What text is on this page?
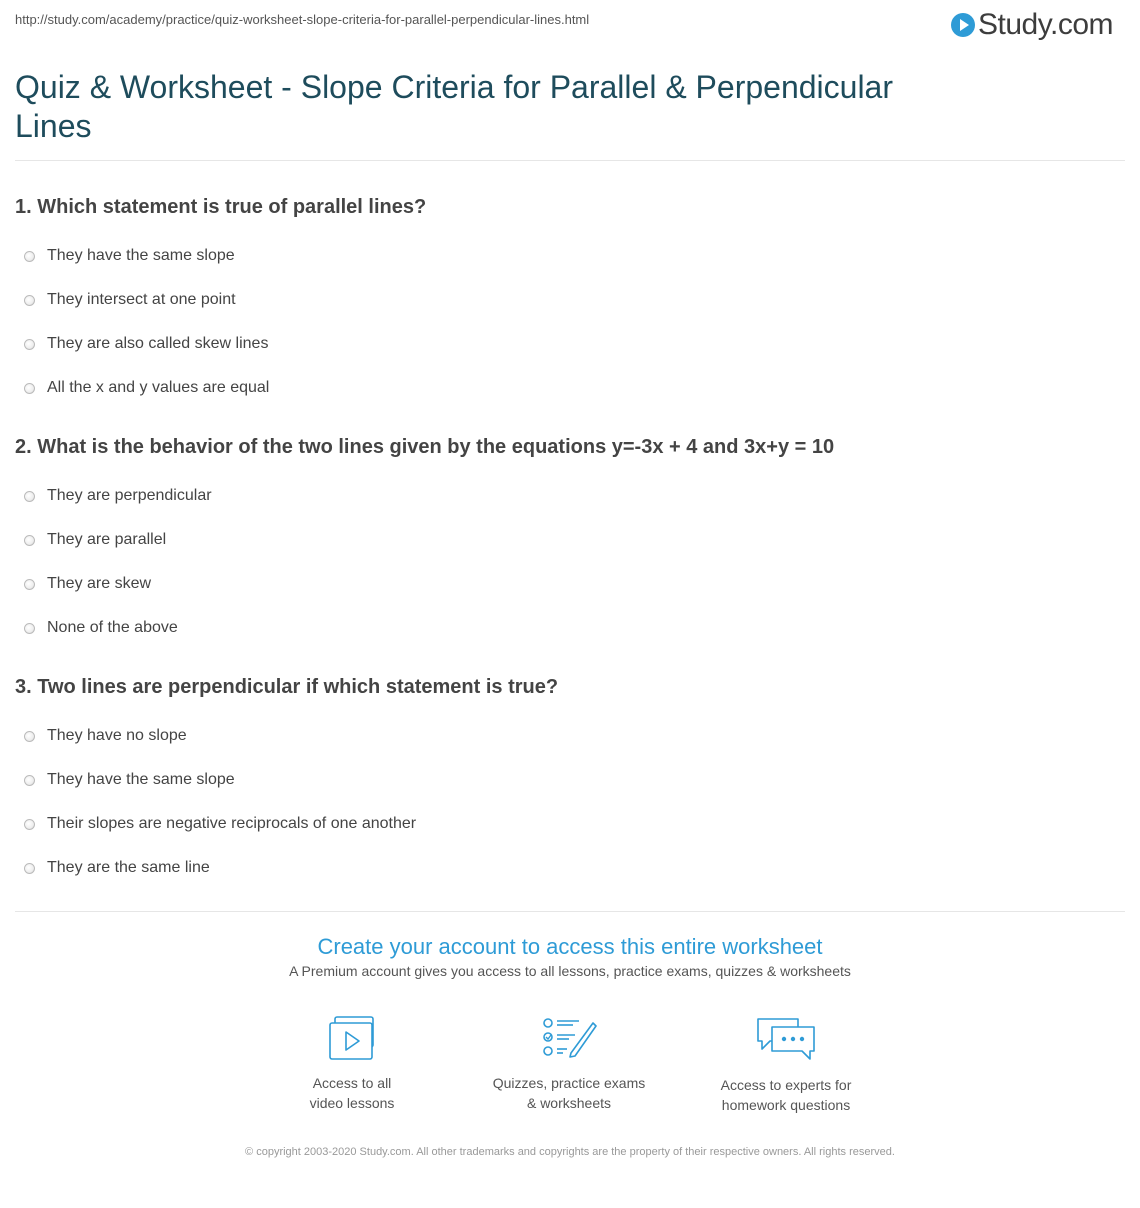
http://study.com/academy/practice/quiz-worksheet-slope-criteria-for-parallel-perpendicular-lines.html	Study.com
Quiz & Worksheet - Slope Criteria for Parallel & Perpendicular Lines
1. Which statement is true of parallel lines?
They have the same slope
They intersect at one point
They are also called skew lines
All the x and y values are equal
2. What is the behavior of the two lines given by the equations y=-3x + 4 and 3x+y = 10
They are perpendicular
They are parallel
They are skew
None of the above
3. Two lines are perpendicular if which statement is true?
They have no slope
They have the same slope
Their slopes are negative reciprocals of one another
They are the same line
Create your account to access this entire worksheet
A Premium account gives you access to all lessons, practice exams, quizzes & worksheets
Access to all
video lessons
Quizzes, practice exams
& worksheets
Access to experts for
homework questions
© copyright 2003-2020 Study.com. All other trademarks and copyrights are the property of their respective owners. All rights reserved.
